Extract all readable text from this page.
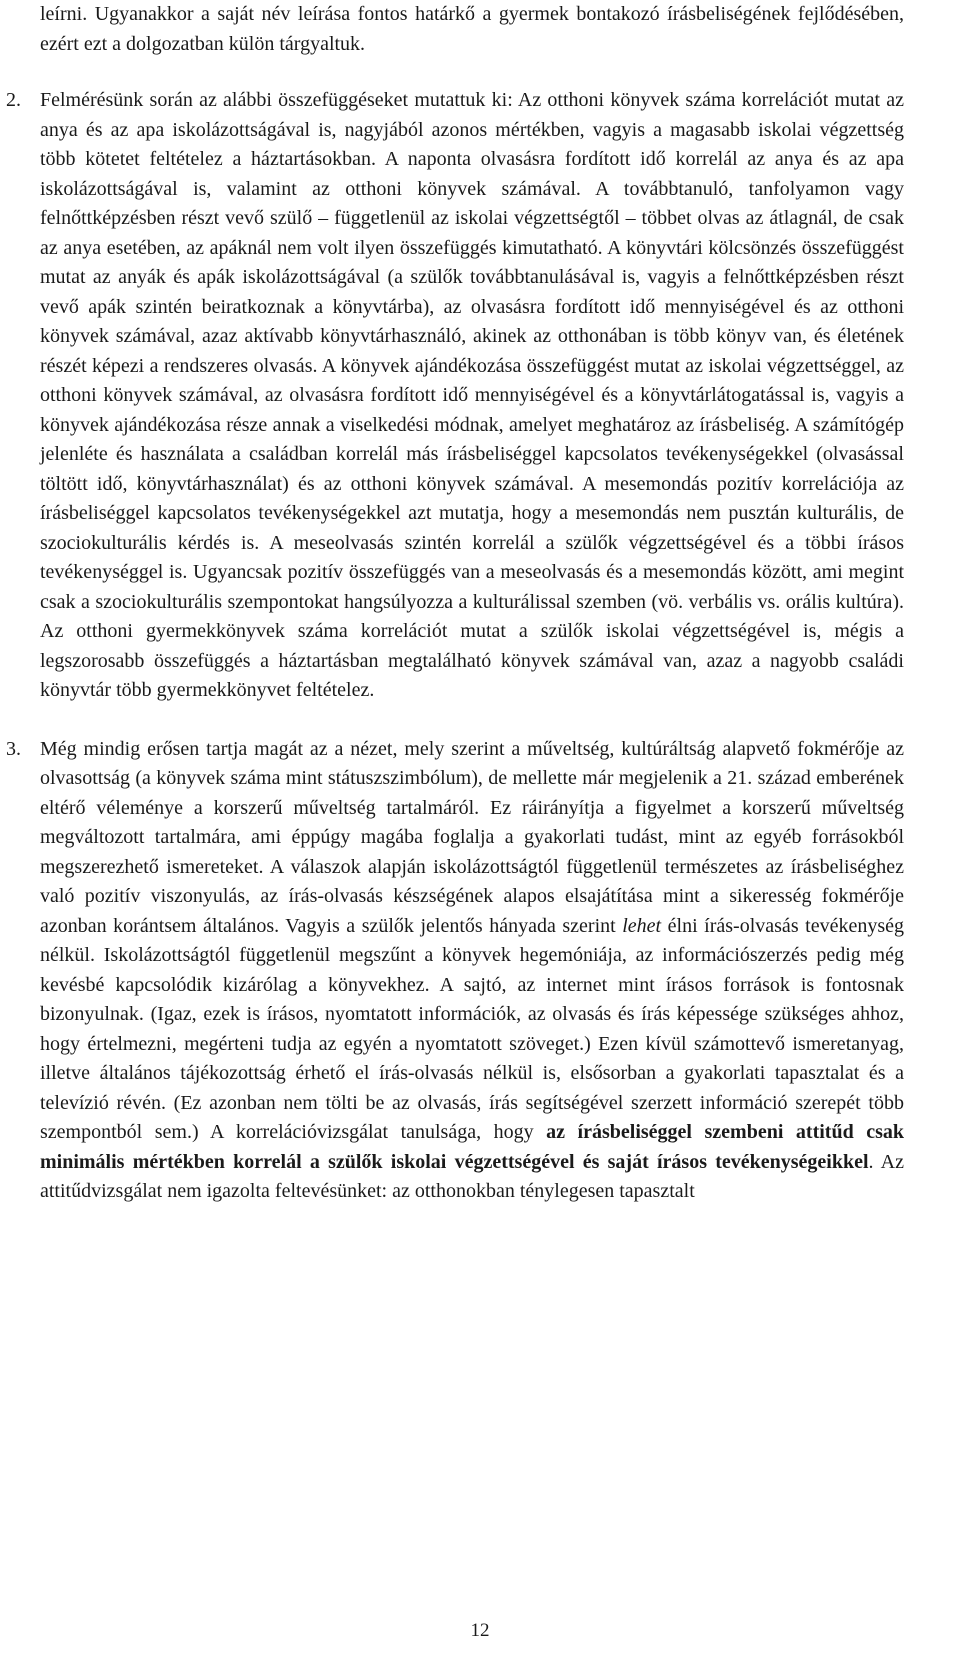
leírni. Ugyanakkor a saját név leírása fontos határkő a gyermek bontakozó írásbeliségének fejlődésében, ezért ezt a dolgozatban külön tárgyaltuk.

2. Felmérésünk során az alábbi összefüggéseket mutattuk ki: Az otthoni könyvek száma korrelációt mutat az anya és az apa iskolázottságával is, nagyjából azonos mértékben, vagyis a magasabb iskolai végzettség több kötetet feltételez a háztartásokban. A naponta olvasásra fordított idő korrelál az anya és az apa iskolázottságával is, valamint az otthoni könyvek számával. A továbbtanuló, tanfolyamon vagy felnőttképzésben részt vevő szülő – függetlenül az iskolai végzettségtől – többet olvas az átlagnál, de csak az anya esetében, az apáknál nem volt ilyen összefüggés kimutatható. A könyvtári kölcsönzés összefüggést mutat az anyák és apák iskolázottságával (a szülők továbbtanulásával is, vagyis a felnőttképzésben részt vevő apák szintén beiratkoznak a könyvtárba), az olvasásra fordított idő mennyiségével és az otthoni könyvek számával, azaz aktívabb könyvtárhasználó, akinek az otthonában is több könyv van, és életének részét képezi a rendszeres olvasás. A könyvek ajándékozása összefüggést mutat az iskolai végzettséggel, az otthoni könyvek számával, az olvasásra fordított idő mennyiségével és a könyvtárlátogatással is, vagyis a könyvek ajándékozása része annak a viselkedési módnak, amelyet meghatároz az írásbeliség. A számítógép jelenléte és használata a családban korrelál más írásbeliséggel kapcsolatos tevékenységekkel (olvasással töltött idő, könyvtárhasználat) és az otthoni könyvek számával. A mesemondás pozitív korrelációja az írásbeliséggel kapcsolatos tevékenységekkel azt mutatja, hogy a mesemondás nem pusztán kulturális, de szociokulturális kérdés is. A meseolvasás szintén korrelál a szülők végzettségével és a többi írásos tevékenységgel is. Ugyancsak pozitív összefüggés van a meseolvasás és a mesemondás között, ami megint csak a szociokulturális szempontokat hangsúlyozza a kulturálissal szemben (vö. verbális vs. orális kultúra). Az otthoni gyermekkönyvek száma korrelációt mutat a szülők iskolai végzettségével is, mégis a legszorosabb összefüggés a háztartásban megtalálható könyvek számával van, azaz a nagyobb családi könyvtár több gyermekkönyvet feltételez.

3. Még mindig erősen tartja magát az a nézet, mely szerint a műveltség, kultúráltság alapvető fokmérője az olvasottság (a könyvek száma mint státuszszimbólum), de mellette már megjelenik a 21. század emberének eltérő véleménye a korszerű műveltség tartalmáról. Ez ráirányítja a figyelmet a korszerű műveltség megváltozott tartalmára, ami éppúgy magába foglalja a gyakorlati tudást, mint az egyéb forrásokból megszerezhető ismereteket. A válaszok alapján iskolázottságtól függetlenül természetes az írásbeliséghez való pozitív viszonyulás, az írás-olvasás készségének alapos elsajátítása mint a sikeresség fokmérője azonban korántsem általános. Vagyis a szülők jelentős hányada szerint lehet élni írás-olvasás tevékenység nélkül. Iskolázottságtól függetlenül megszűnt a könyvek hegemóniája, az információszerzés pedig még kevésbé kapcsolódik kizárólag a könyvekhez. A sajtó, az internet mint írásos források is fontosnak bizonyulnak. (Igaz, ezek is írásos, nyomtatott információk, az olvasás és írás képessége szükséges ahhoz, hogy értelmezni, megérteni tudja az egyén a nyomtatott szöveget.) Ezen kívül számottevő ismeretanyag, illetve általános tájékozottság érhető el írás-olvasás nélkül is, elsősorban a gyakorlati tapasztalat és a televízió révén. (Ez azonban nem tölti be az olvasás, írás segítségével szerzett információ szerepét több szempontból sem.) A korrelációvizsgálat tanulsága, hogy az írásbeliséggel szembeni attitűd csak minimális mértékben korrelál a szülők iskolai végzettségével és saját írásos tevékenységeikkel. Az attitűdvizsgálat nem igazolta feltevésünket: az otthonokban ténylegesen tapasztalt

12
